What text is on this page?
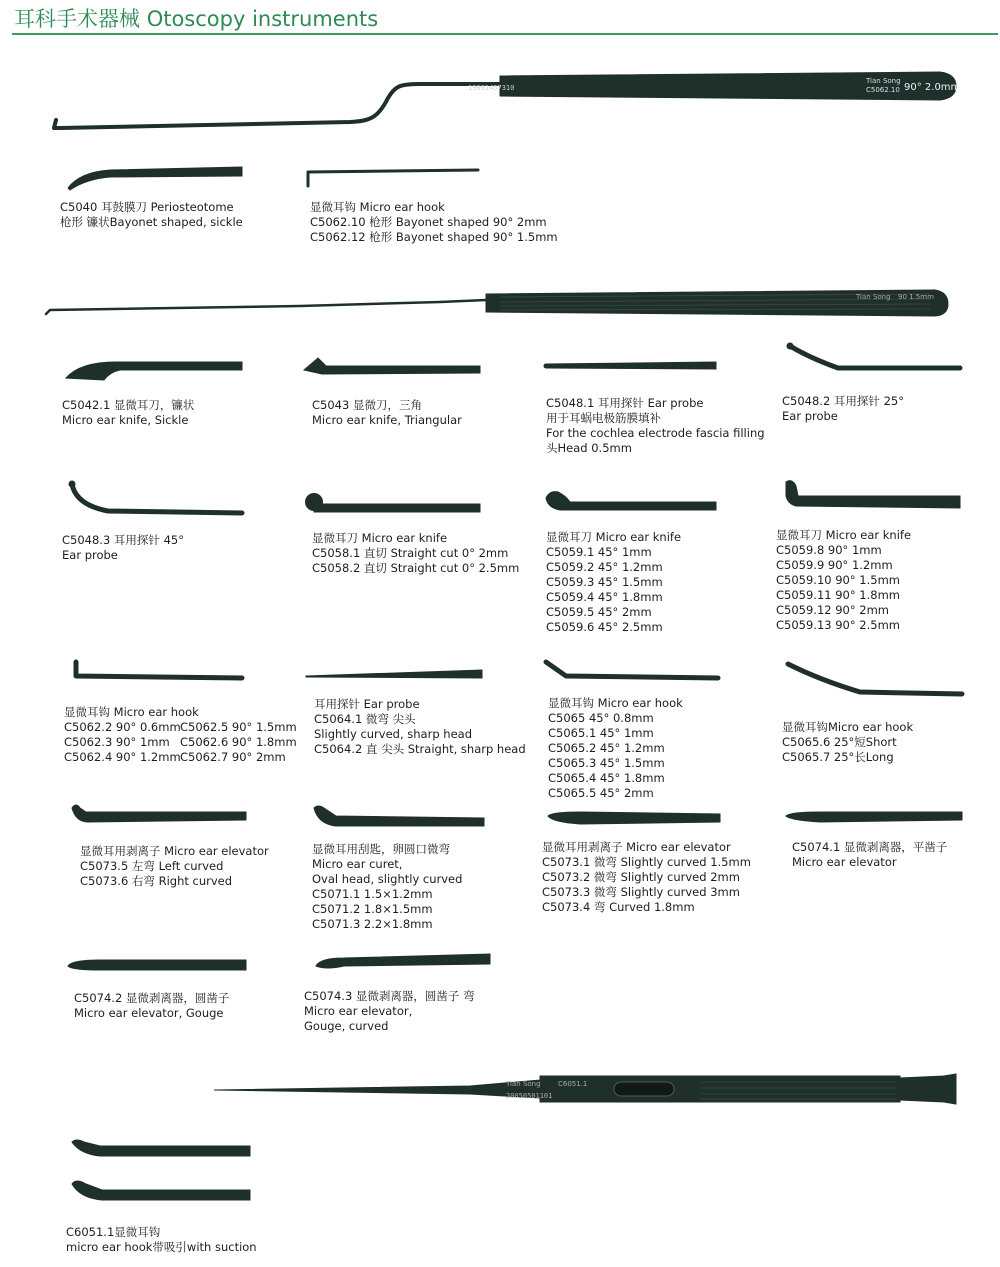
耳科手术器械 Otoscopy instruments
19091457310
Tian Song
C5062.10 90° 2.0mm
Tian Song 90 1.5mm
Tian Song C6051.1
20050501101
C5040 耳鼓膜刀 Periosteotome
枪形 镰状Bayonet shaped, sickle
显微耳钩 Micro ear hook
C5062.10 枪形 Bayonet shaped 90° 2mm
C5062.12 枪形 Bayonet shaped 90° 1.5mm
C5042.1 显微耳刀，镰状
Micro ear knife, Sickle
C5043 显微刀，三角
Micro ear knife, Triangular
C5048.1 耳用探针 Ear probe
用于耳蜗电极筋膜填补
For the cochlea electrode fascia filling
头Head 0.5mm
C5048.2 耳用探针 25°
Ear probe
C5048.3 耳用探针 45°
Ear probe
显微耳刀 Micro ear knife
C5058.1 直切 Straight cut 0° 2mm
C5058.2 直切 Straight cut 0° 2.5mm
显微耳刀 Micro ear knife
C5059.1 45° 1mm
C5059.2 45° 1.2mm
C5059.3 45° 1.5mm
C5059.4 45° 1.8mm
C5059.5 45° 2mm
C5059.6 45° 2.5mm
显微耳刀 Micro ear knife
C5059.8 90° 1mm
C5059.9 90° 1.2mm
C5059.10 90° 1.5mm
C5059.11 90° 1.8mm
C5059.12 90° 2mm
C5059.13 90° 2.5mm
显微耳钩 Micro ear hook
C5062.2 90° 0.6mm C5062.5 90° 1.5mm
C5062.3 90° 1mm C5062.6 90° 1.8mm
C5062.4 90° 1.2mm C5062.7 90° 2mm
耳用探针 Ear probe
C5064.1 微弯 尖头
Slightly curved, sharp head
C5064.2 直 尖头 Straight, sharp head
显微耳钩 Micro ear hook
C5065 45° 0.8mm
C5065.1 45° 1mm
C5065.2 45° 1.2mm
C5065.3 45° 1.5mm
C5065.4 45° 1.8mm
C5065.5 45° 2mm
显微耳钩Micro ear hook
C5065.6 25°短Short
C5065.7 25°长Long
显微耳用剥离子 Micro ear elevator
C5073.5 左弯 Left curved
C5073.6 右弯 Right curved
显微耳用刮匙，卵圆口微弯
Micro ear curet,
Oval head, slightly curved
C5071.1 1.5×1.2mm
C5071.2 1.8×1.5mm
C5071.3 2.2×1.8mm
显微耳用剥离子 Micro ear elevator
C5073.1 微弯 Slightly curved 1.5mm
C5073.2 微弯 Slightly curved 2mm
C5073.3 微弯 Slightly curved 3mm
C5073.4 弯 Curved 1.8mm
C5074.1 显微剥离器，平凿子
Micro ear elevator
C5074.2 显微剥离器，圆凿子
Micro ear elevator, Gouge
C5074.3 显微剥离器，圆凿子 弯
Micro ear elevator,
Gouge, curved
C6051.1显微耳钩
micro ear hook带吸引with suction
